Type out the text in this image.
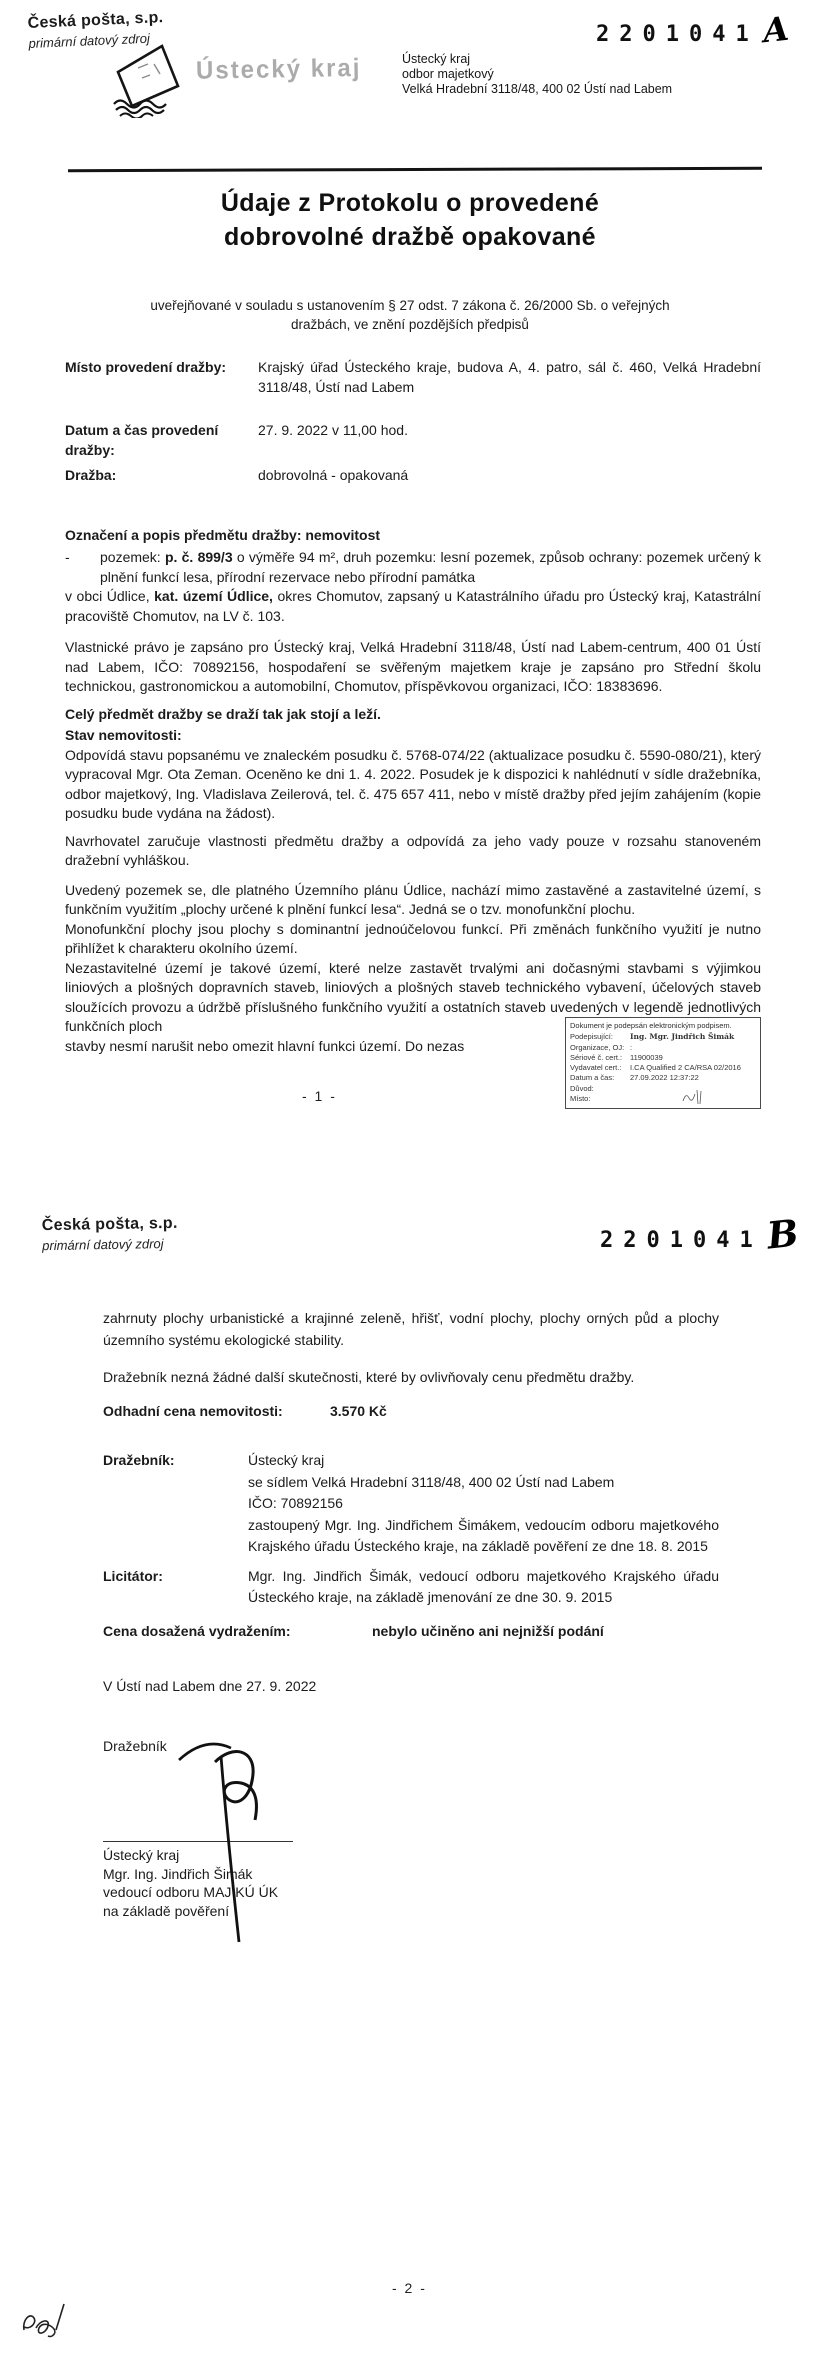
Česká pošta, s.p.
primární datový zdroj
Ústecký kraj	Ústecký kraj
odbor majetkový
Velká Hradební 3118/48, 400 02 Ústí nad Labem
2201041A
Údaje z Protokolu o provedené
dobrovolné dražbě opakované
uveřejňované v souladu s ustanovením § 27 odst. 7 zákona č. 26/2000 Sb. o veřejných dražbách, ve znění pozdějších předpisů
Místo provedení dražby:	Krajský úřad Ústeckého kraje, budova A, 4. patro, sál č. 460, Velká Hradební 3118/48, Ústí nad Labem
Datum a čas provedení dražby:
27. 9. 2022 v 11,00 hod.
Dražba:	dobrovolná - opakovaná
Označení a popis předmětu dražby: nemovitost
-	pozemek: p. č. 899/3 o výměře 94 m², druh pozemku: lesní pozemek, způsob ochrany: pozemek určený k plnění funkcí lesa, přírodní rezervace nebo přírodní památka
v obci Údlice, kat. území Údlice, okres Chomutov, zapsaný u Katastrálního úřadu pro Ústecký kraj, Katastrální pracoviště Chomutov, na LV č. 103.
Vlastnické právo je zapsáno pro Ústecký kraj, Velká Hradební 3118/48, Ústí nad Labem-centrum, 400 01 Ústí nad Labem, IČO: 70892156, hospodaření se svěřeným majetkem kraje je zapsáno pro Střední školu technickou, gastronomickou a automobilní, Chomutov, příspěvkovou organizaci, IČO: 18383696.
Celý předmět dražby se draží tak jak stojí a leží.
Stav nemovitosti:
Odpovídá stavu popsanému ve znaleckém posudku č. 5768-074/22 (aktualizace posudku č. 5590-080/21), který vypracoval Mgr. Ota Zeman. Oceněno ke dni 1. 4. 2022. Posudek je k dispozici k nahlédnutí v sídle dražebníka, odbor majetkový, Ing. Vladislava Zeilerová, tel. č. 475 657 411, nebo v místě dražby před jejím zahájením (kopie posudku bude vydána na žádost).
Navrhovatel zaručuje vlastnosti předmětu dražby a odpovídá za jeho vady pouze v rozsahu stanoveném dražební vyhláškou.
Uvedený pozemek se, dle platného Územního plánu Údlice, nachází mimo zastavěné a zastavitelné území, s funkčním využitím „plochy určené k plnění funkcí lesa“. Jedná se o tzv. monofunkční plochu.
Monofunkční plochy jsou plochy s dominantní jednoúčelovou funkcí. Při změnách funkčního využití je nutno přihlížet k charakteru okolního území.
Nezastavitelné území je takové území, které nelze zastavět trvalými ani dočasnými stavbami s výjimkou liniových a plošných dopravních staveb, liniových a plošných staveb technického vybavení, účelových staveb sloužících provozu a údržbě příslušného funkčního využití a ostatních staveb uvedených v legendě jednotlivých funkčních ploch
stavby nesmí narušit nebo omezit hlavní funkci území. Do nezas
Dokument je podepsán elektronickým podpisem.
Podepisující:	Ing. Mgr. Jindřich Šimák
Organizace, OJ: :
Sériové č. cert.:	11900039
Vydavatel cert.:	I.CA Qualified 2 CA/RSA 02/2016
Datum a čas:	27.09.2022 12:37:22
Důvod:
Místo:
- 1 -
Česká pošta, s.p.
primární datový zdroj	2201041B
zahrnuty plochy urbanistické a krajinné zeleně, hřišť, vodní plochy, plochy orných půd a plochy územního systému ekologické stability.
Dražebník nezná žádné další skutečnosti, které by ovlivňovaly cenu předmětu dražby.
Odhadní cena nemovitosti:	3.570 Kč
Dražebník:	Ústecký kraj
se sídlem Velká Hradební 3118/48, 400 02 Ústí nad Labem
IČO: 70892156
zastoupený Mgr. Ing. Jindřichem Šimákem, vedoucím odboru majetkového Krajského úřadu Ústeckého kraje, na základě pověření ze dne 18. 8. 2015
Licitátor:	Mgr. Ing. Jindřich Šimák, vedoucí odboru majetkového Krajského úřadu Ústeckého kraje, na základě jmenování ze dne 30. 9. 2015
Cena dosažená vydražením:	nebylo učiněno ani nejnižší podání
V Ústí nad Labem dne 27. 9. 2022
Dražebník
Ústecký kraj
Mgr. Ing. Jindřich Šimák
vedoucí odboru MAJ KÚ ÚK
na základě pověření
- 2 -
